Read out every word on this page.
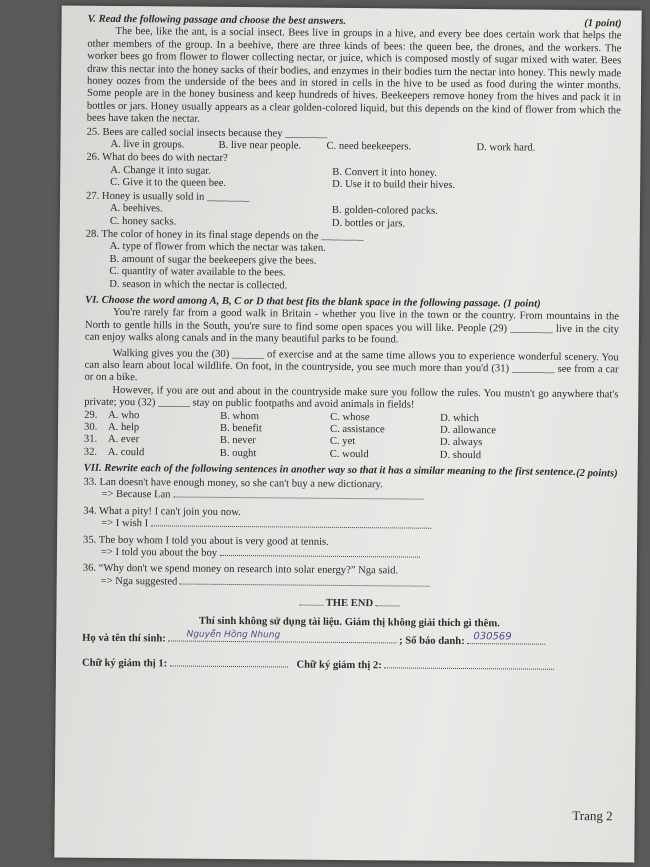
V. Read the following passage and choose the best answers.	(1 point)
The bee, like the ant, is a social insect. Bees live in groups in a hive, and every bee does certain work that helps the other members of the group. In a beehive, there are three kinds of bees: the queen bee, the drones, and the workers. The worker bees go from flower to flower collecting nectar, or juice, which is composed mostly of sugar mixed with water. Bees draw this nectar into the honey sacks of their bodies, and enzymes in their bodies turn the nectar into honey. This newly made honey oozes from the underside of the bees and in stored in cells in the hive to be used as food during the winter months. Some people are in the honey business and keep hundreds of hives. Beekeepers remove honey from the hives and pack it in bottles or jars. Honey usually appears as a clear golden-colored liquid, but this depends on the kind of flower from which the bees have taken the nectar.
25. Bees are called social insects because they ________
A. live in groups.	B. live near people.	C. need beekeepers.	D. work hard.
26. What do bees do with nectar?
A. Change it into sugar.	B. Convert it into honey.
C. Give it to the queen bee.	D. Use it to build their hives.
27. Honey is usually sold in ________
A. beehives.	B. golden-colored packs.
C. honey sacks.	D. bottles or jars.
28. The color of honey in its final stage depends on the ________
A. type of flower from which the nectar was taken.
B. amount of sugar the beekeepers give the bees.
C. quantity of water available to the bees.
D. season in which the nectar is collected.
VI. Choose the word among A, B, C or D that best fits the blank space in the following passage. (1 point)
You're rarely far from a good walk in Britain - whether you live in the town or the country. From mountains in the North to gentle hills in the South, you're sure to find some open spaces you will like. People (29) ________ live in the city can enjoy walks along canals and in the many beautiful parks to be found.
Walking gives you the (30) ______ of exercise and at the same time allows you to experience wonderful scenery. You can also learn about local wildlife. On foot, in the countryside, you see much more than you'd (31) ________ see from a car or on a bike.
However, if you are out and about in the countryside make sure you follow the rules. You mustn't go anywhere that's private; you (32) ______ stay on public footpaths and avoid animals in fields!
29.	A. who	B. whom	C. whose	D. which
30.	A. help	B. benefit	C. assistance	D. allowance
31.	A. ever	B. never	C. yet	D. always
32.	A. could	B. ought	C. would	D. should
VII. Rewrite each of the following sentences in another way so that it has a similar meaning to the first sentence. (2 points)
33. Lan doesn't have enough money, so she can't buy a new dictionary.
=> Because Lan
34. What a pity! I can't join you now.
=> I wish I
35. The boy whom I told you about is very good at tennis.
=> I told you about the boy
36. “Why don't we spend money on research into solar energy?” Nga said.
=> Nga suggested
THE END
Thí sinh không sử dụng tài liệu. Giám thị không giải thích gì thêm.
Họ và tên thí sinh: Nguyễn Hồng Nhung
; Số báo danh: 030569
Chữ ký giám thị 1:	Chữ ký giám thị 2:
Trang 2
